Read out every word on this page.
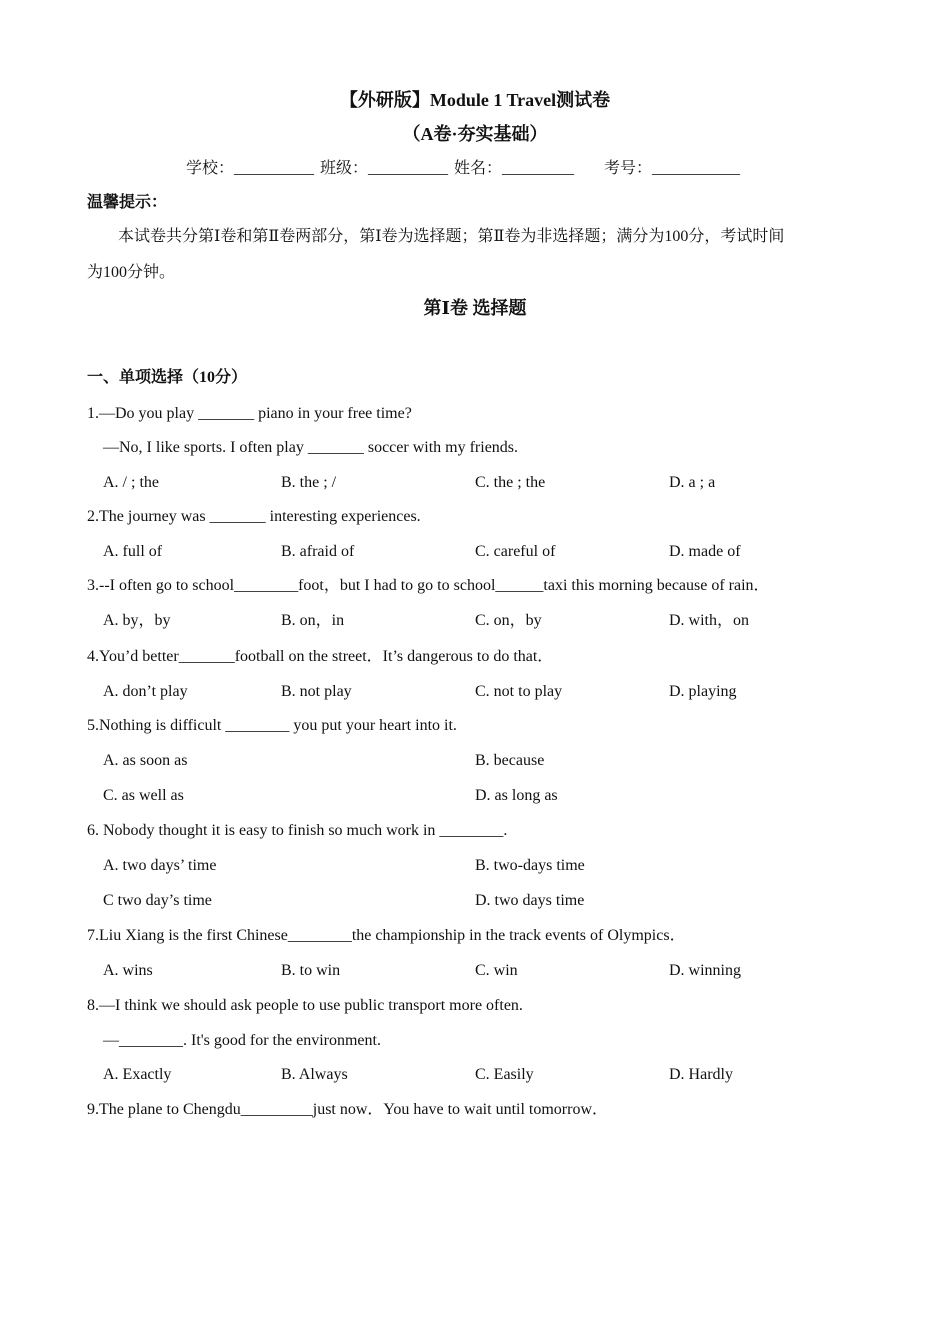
【外研版】Module 1 Travel测试卷
（A卷·夯实基础）
学校：__________ 班级：__________ 姓名：_________ 考号：___________
温馨提示：
本试卷共分第Ⅰ卷和第Ⅱ卷两部分，第Ⅰ卷为选择题；第Ⅱ卷为非选择题；满分为100分，考试时间
为100分钟。
第Ⅰ卷 选择题
一、单项选择（10分）
1.—Do you play _______ piano in your free time?
—No, I like sports. I often play _______ soccer with my friends.
A. / ; the	B. the ; /	C. the ; the	D. a ; a
2.The journey was _______ interesting experiences.
A. full of	B. afraid of	C. careful of	D. made of
3.--I often go to school________foot，but I had to go to school______taxi this morning because of rain．
A. by，by	B. on，in	C. on，by	D. with，on
4.You’d better_______football on the street．It’s dangerous to do that．
A. don’t play	B. not play	C. not to play	D. playing
5.Nothing is difficult ________ you put your heart into it.
A. as soon as	B. because
C. as well as	D. as long as
6. Nobody thought it is easy to finish so much work in ________.
A. two days’ time	B. two-days time
C two day’s time	D. two days time
7.Liu Xiang is the first Chinese________the championship in the track events of Olympics．
A. wins	B. to win	C. win	D. winning
8.—I think we should ask people to use public transport more often.
—________. It's good for the environment.
A. Exactly	B. Always	C. Easily	D. Hardly
9.The plane to Chengdu_________just now．You have to wait until tomorrow．
